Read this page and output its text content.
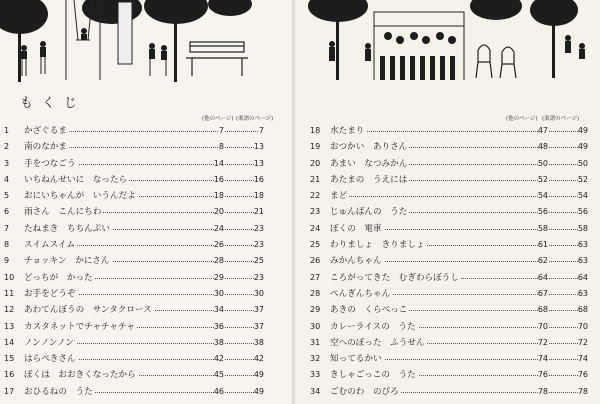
もくじ
(他のページ) (楽譜のページ)
1	かざぐるま	7	7
2	南のなかま	8	13
3	手をつなごう	14	13
4	いちねんせいに　なったら	16	16
5	おにいちゃんが　いうんだよ	18	18
6	雨さん　こんにちわ	20	21
7	たねまき　ちちんぷい	24	23
8	スイムスイム	26	23
9	チョッキン　かにさん	28	25
10	どっちが　かった	29	23
11	お手をどうぞ	30	30
12	あわてんぼうの　サンタクロース	34	37
13	カスタネットでチャチャチャ	36	37
14	ノンノンノン	38	38
15	はらぺきさん	42	42
16	ぼくは　おおきくなったから	45	49
17	おひるねの　うた	46	49
(他のページ) (楽譜のページ)
18	水たまり	47	49
19	おつかい　ありさん	48	49
20	あまい　なつみかん	50	50
21	あたまの　うえには	52	52
22	まど	54	54
23	じゅんばんの　うた	56	56
24	ぼくの　電車	58	58
25	わりましょ　きりましょ	61	63
26	みかんちゃん	62	63
27	ころがってきた　むぎわらぼうし	64	64
28	ぺんぎんちゃん	67	63
29	あきの　くらべっこ	68	68
30	カレーライスの　うた	70	70
31	空へのぼった　ふうせん	72	72
32	知ってるかい	74	74
33	きしゃごっこの　うた	76	76
34	ごむのわ　のびろ	78	78
